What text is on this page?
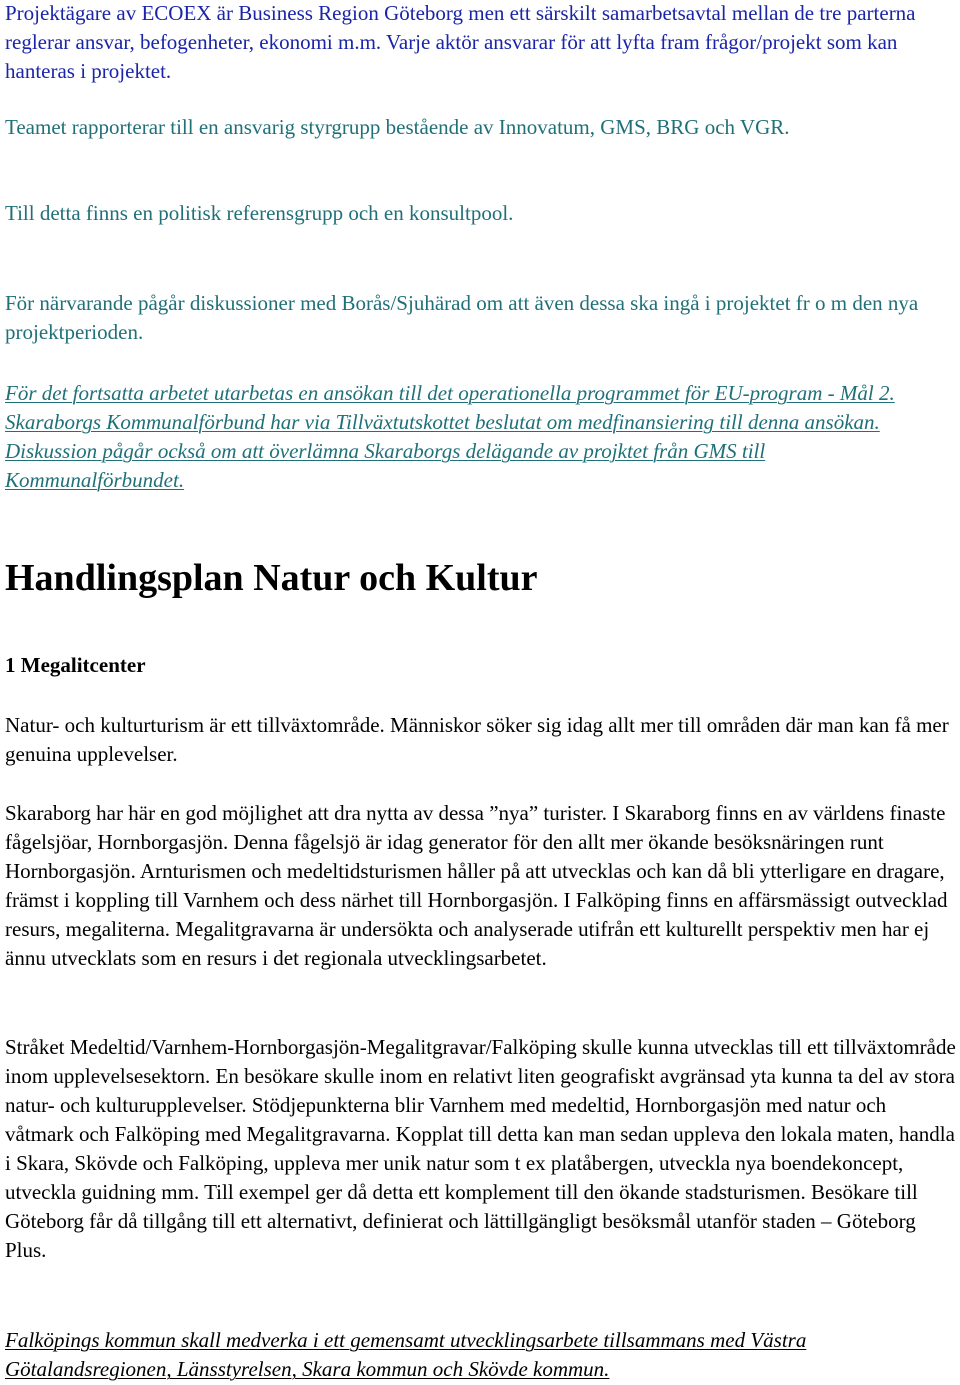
Projektägare av ECOEX är Business Region Göteborg men ett särskilt samarbetsavtal mellan de tre parterna reglerar ansvar, befogenheter, ekonomi m.m. Varje aktör ansvarar för att lyfta fram frågor/projekt som kan hanteras i projektet.

Teamet rapporterar till en ansvarig styrgrupp bestående av Innovatum, GMS, BRG och VGR.

Till detta finns en politisk referensgrupp och en konsultpool.

För närvarande pågår diskussioner med Borås/Sjuhärad om att även dessa ska ingå i projektet fr o m den nya projektperioden.

För det fortsatta arbetet utarbetas en ansökan till det operationella programmet för EU-program - Mål 2. Skaraborgs Kommunalförbund har via Tillväxtutskottet beslutat om medfinansiering till denna ansökan. Diskussion pågår också om att överlämna Skaraborgs delägande av projktet från GMS till Kommunalförbundet.

Handlingsplan Natur och Kultur
1 Megalitcenter

Natur- och kulturturism är ett tillväxtområde. Människor söker sig idag allt mer till områden där man kan få mer genuina upplevelser.

Skaraborg har här en god möjlighet att dra nytta av dessa ”nya” turister. I Skaraborg finns en av världens finaste fågelsjöar, Hornborgasjön. Denna fågelsjö är idag generator för den allt mer ökande besöksnäringen runt Hornborgasjön. Arnturismen och medeltidsturismen håller på att utvecklas och kan då bli ytterligare en dragare, främst i koppling till Varnhem och dess närhet till Hornborgasjön. I Falköping finns en affärsmässigt outvecklad resurs, megaliterna. Megalitgravarna är undersökta och analyserade utifrån ett kulturellt perspektiv men har ej ännu utvecklats som en resurs i det regionala utvecklingsarbetet.

Stråket Medeltid/Varnhem-Hornborgasjön-Megalitgravar/Falköping skulle kunna utvecklas till ett tillväxtområde inom upplevelsesektorn. En besökare skulle inom en relativt liten geografiskt avgränsad yta kunna ta del av stora natur- och kulturupplevelser. Stödjepunkterna blir Varnhem med medeltid, Hornborgasjön med natur och våtmark och Falköping med Megalitgravarna. Kopplat till detta kan man sedan uppleva den lokala maten, handla i Skara, Skövde och Falköping, uppleva mer unik natur som t ex platåbergen, utveckla nya boendekoncept, utveckla guidning mm. Till exempel ger då detta ett komplement till den ökande stadsturismen. Besökare till Göteborg får då tillgång till ett alternativt, definierat och lättillgängligt besöksmål utanför staden – Göteborg Plus.

Falköpings kommun skall medverka i ett gemensamt utvecklingsarbete tillsammans med Västra Götalandsregionen, Länsstyrelsen, Skara kommun och Skövde kommun.
